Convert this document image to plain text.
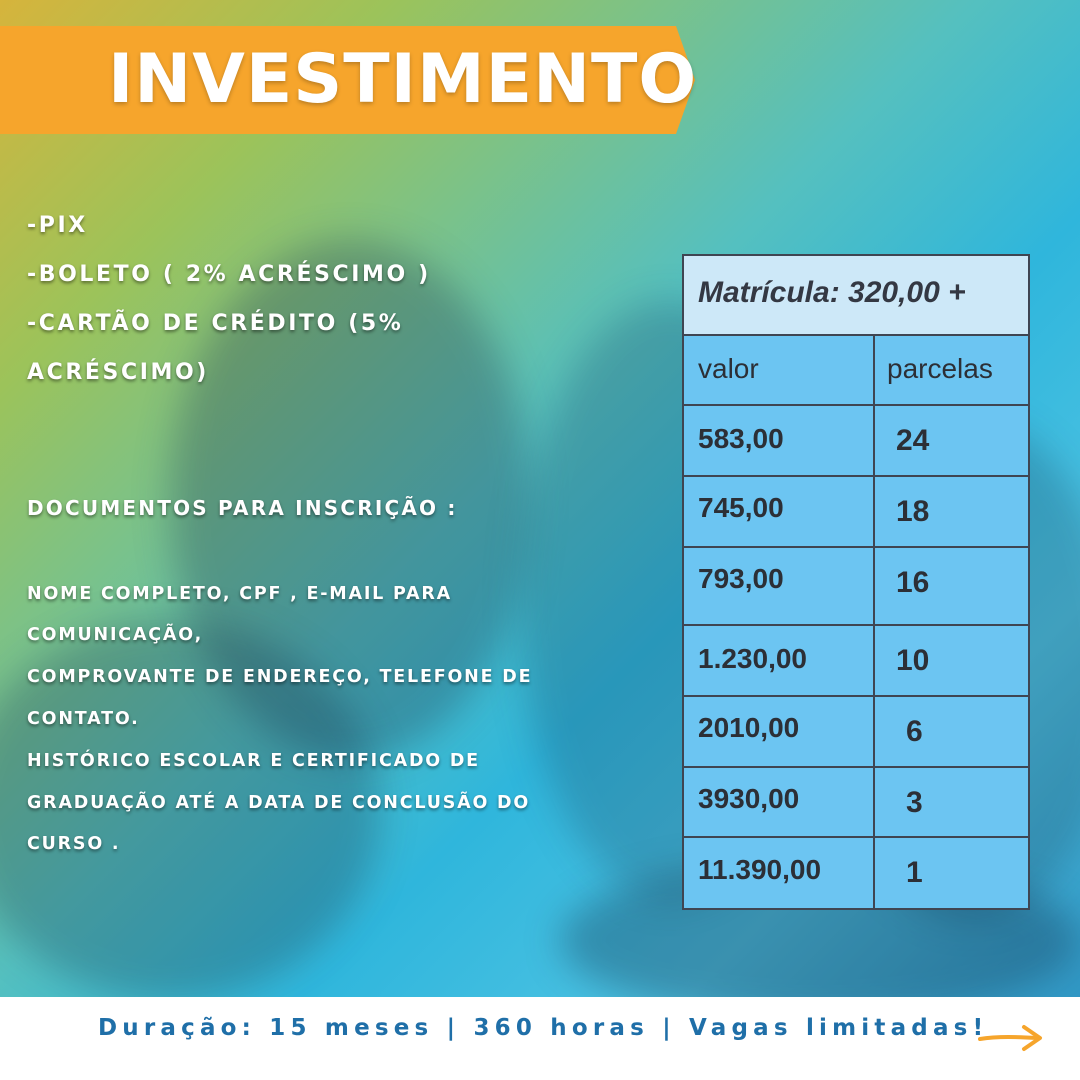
INVESTIMENTO
-PIX
-BOLETO ( 2% ACRÉSCIMO )
-CARTÃO DE CRÉDITO (5%
ACRÉSCIMO)
DOCUMENTOS PARA INSCRIÇÃO :
NOME COMPLETO, CPF , E-MAIL PARA
COMUNICAÇÃO,
COMPROVANTE DE ENDEREÇO, TELEFONE DE
CONTATO.
HISTÓRICO ESCOLAR E CERTIFICADO DE
GRADUAÇÃO ATÉ A DATA DE CONCLUSÃO DO
CURSO .
Matrícula: 320,00 +
valor	parcelas
583,00	24
745,00	18
793,00	16
1.230,00	10
2010,00	6
3930,00	3
11.390,00	1
Duração: 15 meses | 360 horas | Vagas limitadas!
